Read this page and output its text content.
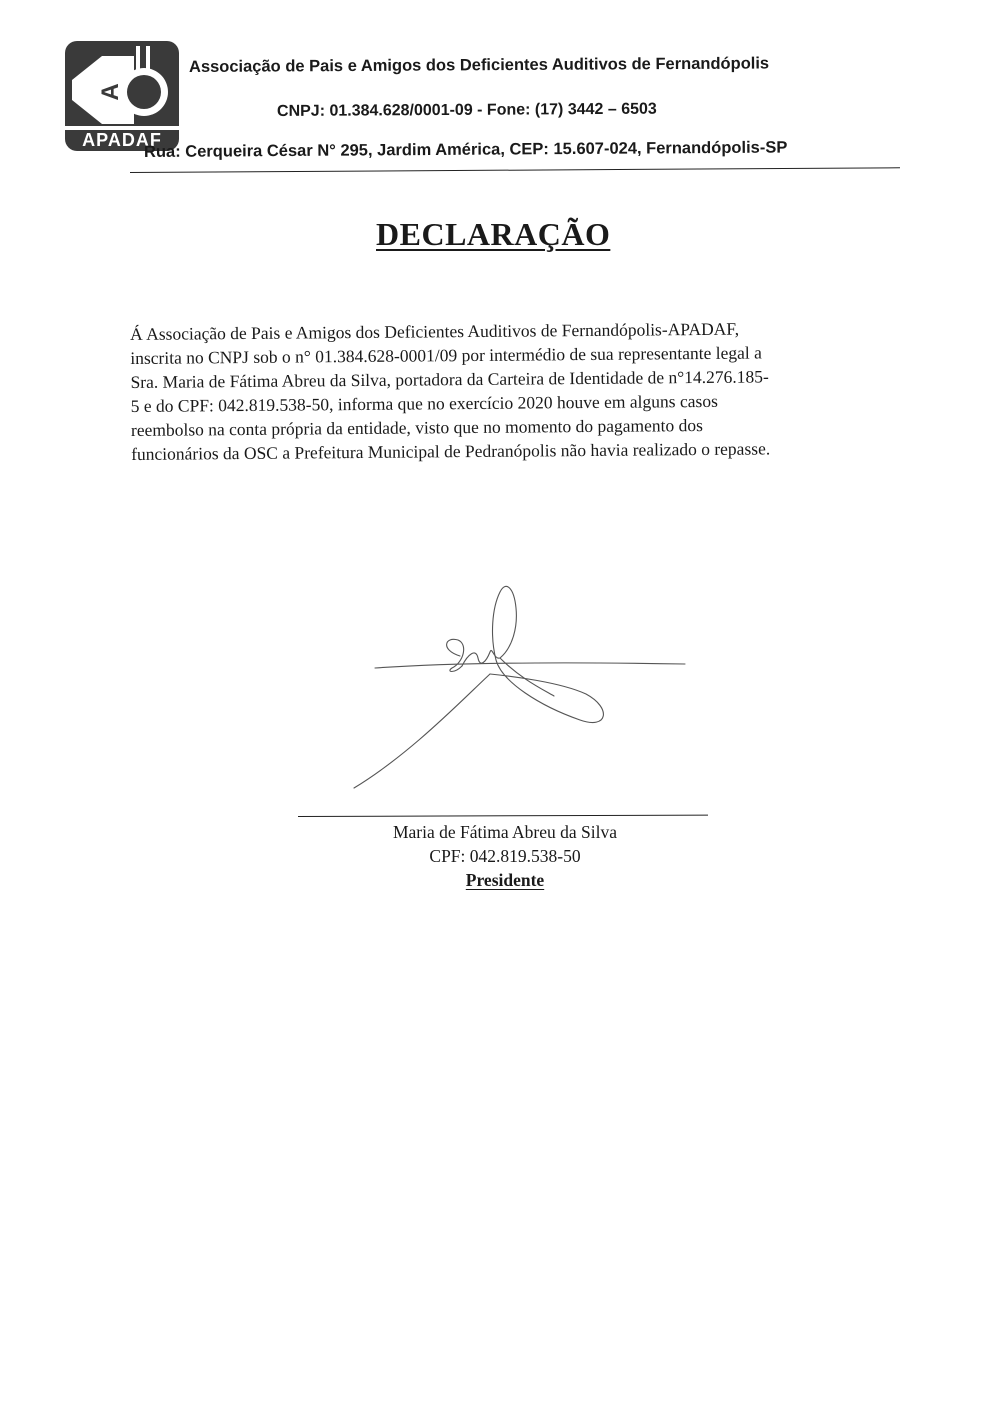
A
APADAF
Associação de Pais e Amigos dos Deficientes Auditivos de Fernandópolis
CNPJ: 01.384.628/0001-09 - Fone: (17) 3442 – 6503
Rua: Cerqueira César N° 295, Jardim América, CEP: 15.607-024, Fernandópolis-SP
DECLARAÇÃO
Á Associação de Pais e Amigos dos Deficientes Auditivos de Fernandópolis-APADAF,
inscrita no CNPJ sob o n° 01.384.628-0001/09 por intermédio de sua representante legal a
Sra. Maria de Fátima Abreu da Silva, portadora da Carteira de Identidade de n°14.276.185-
5 e do CPF: 042.819.538-50, informa que no exercício 2020 houve em alguns casos
reembolso na conta própria da entidade, visto que no momento do pagamento dos
funcionários da OSC a Prefeitura Municipal de Pedranópolis não havia realizado o repasse.
Maria de Fátima Abreu da Silva
CPF: 042.819.538-50
Presidente
